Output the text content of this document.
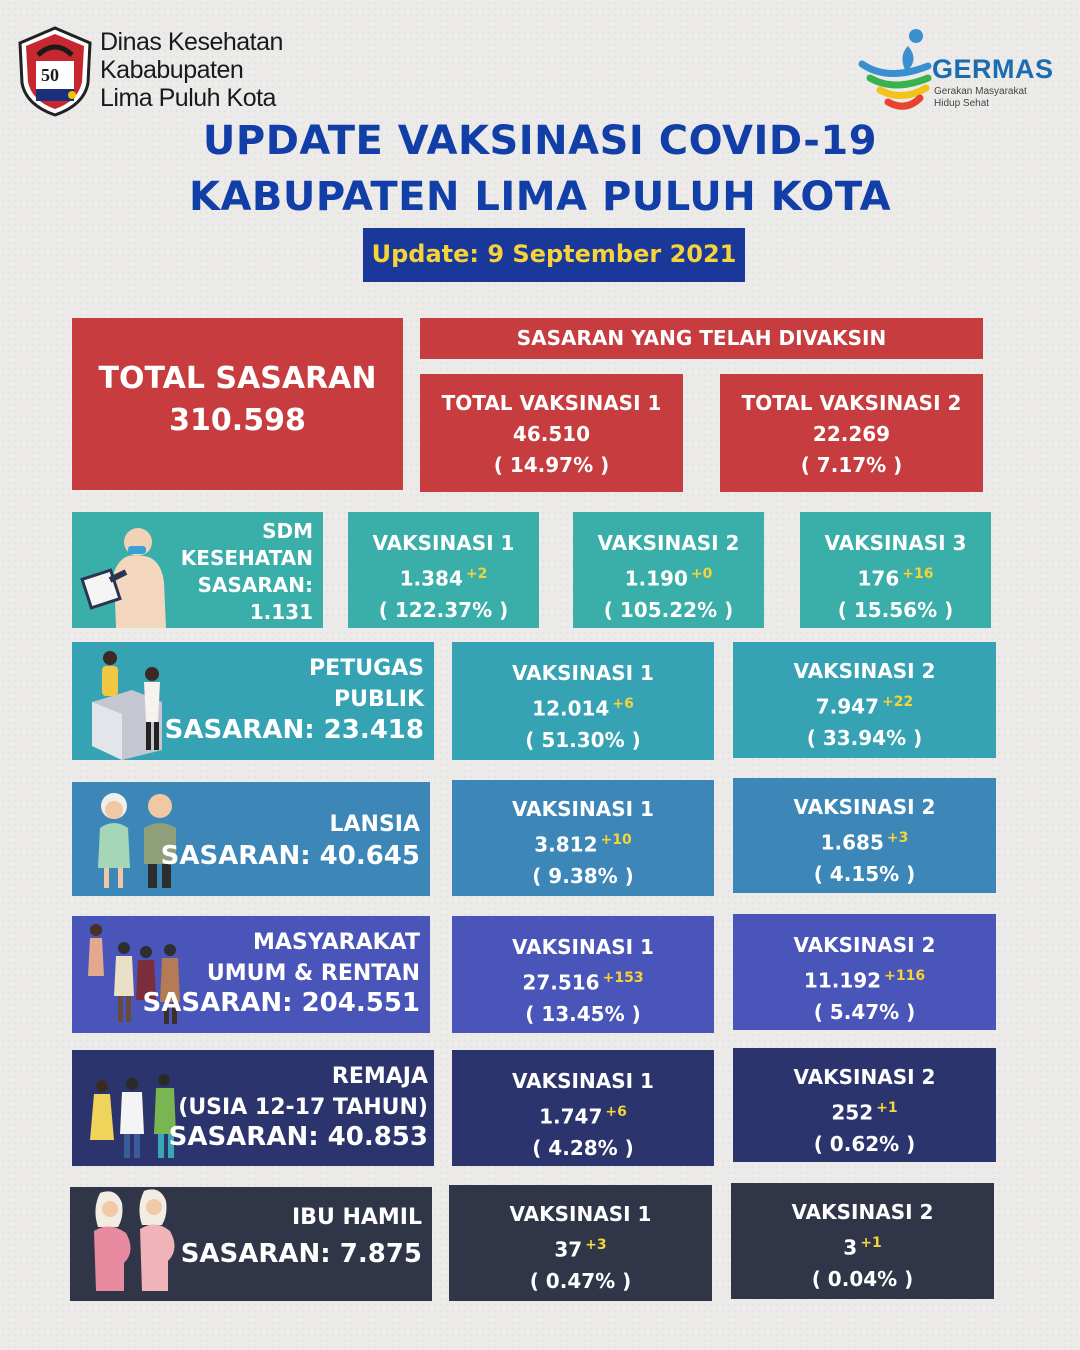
50
Dinas Kesehatan
Kababupaten
Lima Puluh Kota
GERMAS
Gerakan Masyarakat
Hidup Sehat
UPDATE VAKSINASI COVID-19
KABUPATEN LIMA PULUH KOTA
Update: 9 September 2021
TOTAL SASARAN
310.598
SASARAN YANG TELAH DIVAKSIN
TOTAL VAKSINASI 1
46.510
( 14.97% )
TOTAL VAKSINASI 2
22.269
( 7.17% )
SDM
KESEHATAN
SASARAN:
1.131
VAKSINASI 1
1.384 $^{+2}$
( 122.37% )
VAKSINASI 2
1.190 $^{+0}$
( 105.22% )
VAKSINASI 3
176 $^{+16}$
( 15.56% )
PETUGAS
PUBLIK
SASARAN: 23.418
VAKSINASI 1
12.014 $^{+6}$
( 51.30% )
VAKSINASI 2
7.947 $^{+22}$
( 33.94% )
LANSIA
SASARAN: 40.645
VAKSINASI 1
3.812 $^{+10}$
( 9.38% )
VAKSINASI 2
1.685 $^{+3}$
( 4.15% )
MASYARAKAT
UMUM & RENTAN
SASARAN: 204.551
VAKSINASI 1
27.516 $^{+153}$
( 13.45% )
VAKSINASI 2
11.192 $^{+116}$
( 5.47% )
REMAJA
(USIA 12-17 TAHUN)
SASARAN: 40.853
VAKSINASI 1
1.747 $^{+6}$
( 4.28% )
VAKSINASI 2
252 $^{+1}$
( 0.62% )
IBU HAMIL
SASARAN: 7.875
VAKSINASI 1
37 $^{+3}$
( 0.47% )
VAKSINASI 2
3 $^{+1}$
( 0.04% )
